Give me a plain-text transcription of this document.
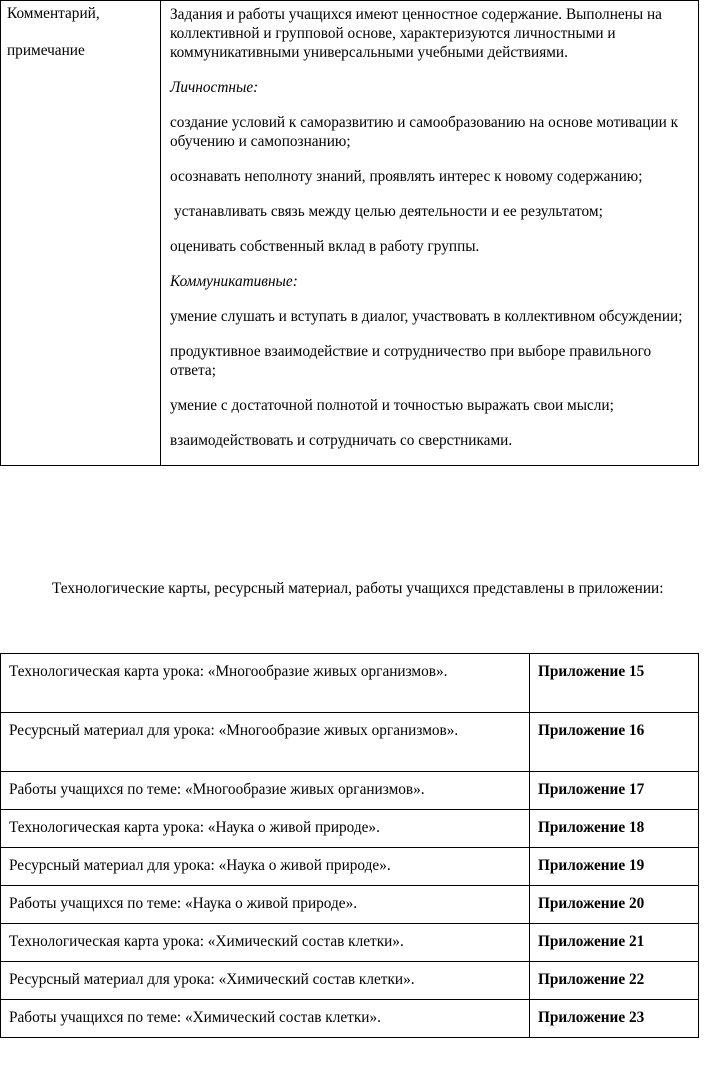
Комментарий,

примечание

Задания и работы учащихся имеют ценностное содержание. Выполнены на коллективной и групповой основе, характеризуются личностными и коммуникативными универсальными учебными действиями.

Личностные:

создание условий к саморазвитию и самообразованию на основе мотивации к обучению и самопознанию;

осознавать неполноту знаний, проявлять интерес к новому содержанию;

устанавливать связь между целью деятельности и ее результатом;

оценивать собственный вклад в работу группы.

Коммуникативные:

умение слушать и вступать в диалог, участвовать в коллективном обсуждении;

продуктивное взаимодействие и сотрудничество при выборе правильного ответа;

умение с достаточной полнотой и точностью выражать свои мысли;

взаимодействовать и сотрудничать со сверстниками.

Технологические карты, ресурсный материал, работы учащихся представлены в приложении:

Технологическая карта урока: «Многообразие живых организмов».	Приложение 15
Ресурсный материал для урока: «Многообразие живых организмов».	Приложение 16
Работы учащихся по теме: «Многообразие живых организмов».	Приложение 17
Технологическая карта урока: «Наука о живой природе».	Приложение 18
Ресурсный материал для урока: «Наука о живой природе».	Приложение 19
Работы учащихся по теме: «Наука о живой природе».	Приложение 20
Технологическая карта урока: «Химический состав клетки».	Приложение 21
Ресурсный материал для урока: «Химический состав клетки».	Приложение 22
Работы учащихся по теме: «Химический состав клетки».	Приложение 23
